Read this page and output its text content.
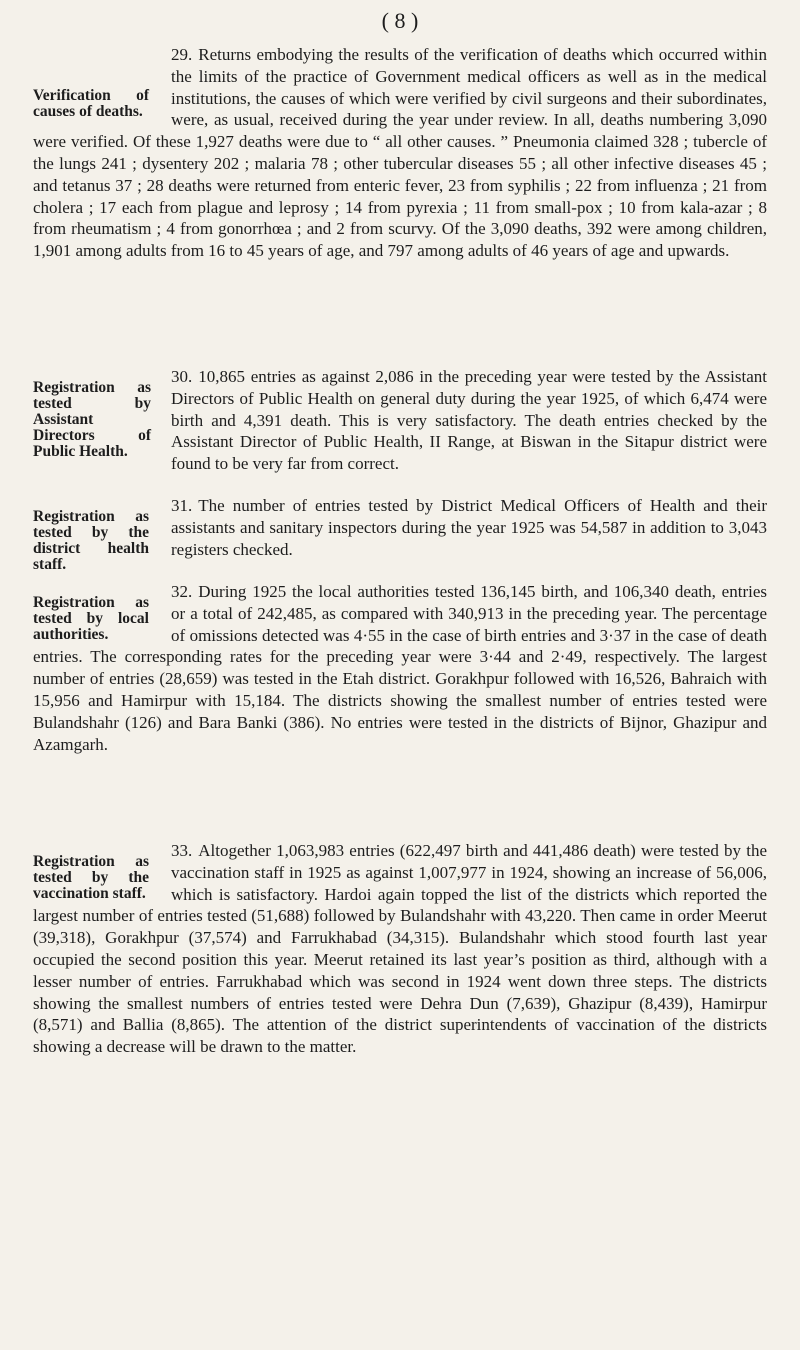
( 8 )
Verification of causes of deaths.
29. Returns embodying the results of the verification of deaths which occurred within the limits of the practice of Government medical officers as well as in the medical institutions, the causes of which were verified by civil surgeons and their subordinates, were, as usual, received during the year under review. In all, deaths numbering 3,090 were verified. Of these 1,927 deaths were due to “ all other causes. ” Pneumonia claimed 328 ; tubercle of the lungs 241 ; dysentery 202 ; malaria 78 ; other tubercular diseases 55 ; all other infective diseases 45 ; and tetanus 37 ; 28 deaths were returned from enteric fever, 23 from syphilis ; 22 from influenza ; 21 from cholera ; 17 each from plague and leprosy ; 14 from pyrexia ; 11 from small-pox ; 10 from kala-azar ; 8 from rheumatism ; 4 from gonorrhœa ; and 2 from scurvy. Of the 3,090 deaths, 392 were among children, 1,901 among adults from 16 to 45 years of age, and 797 among adults of 46 years of age and upwards.
Registration as tested by Assistant Directors of Public Health.
30. 10,865 entries as against 2,086 in the preceding year were tested by the Assistant Directors of Public Health on general duty during the year 1925, of which 6,474 were birth and 4,391 death. This is very satisfactory. The death entries checked by the Assistant Director of Public Health, II Range, at Biswan in the Sitapur district were found to be very far from correct.
Registration as tested by the district health staff.
31. The number of entries tested by District Medical Officers of Health and their assistants and sanitary inspectors during the year 1925 was 54,587 in addition to 3,043 registers checked.
Registration as tested by local authorities.
32. During 1925 the local authorities tested 136,145 birth, and 106,340 death, entries or a total of 242,485, as compared with 340,913 in the preceding year. The percentage of omissions detected was 4·55 in the case of birth entries and 3·37 in the case of death entries. The corresponding rates for the preceding year were 3·44 and 2·49, respectively. The largest number of entries (28,659) was tested in the Etah district. Gorakhpur followed with 16,526, Bahraich with 15,956 and Hamirpur with 15,184. The districts showing the smallest number of entries tested were Bulandshahr (126) and Bara Banki (386). No entries were tested in the districts of Bijnor, Ghazipur and Azamgarh.
Registration as tested by the vaccination staff.
33. Altogether 1,063,983 entries (622,497 birth and 441,486 death) were tested by the vaccination staff in 1925 as against 1,007,977 in 1924, showing an increase of 56,006, which is satisfactory. Hardoi again topped the list of the districts which reported the largest number of entries tested (51,688) followed by Bulandshahr with 43,220. Then came in order Meerut (39,318), Gorakhpur (37,574) and Farrukhabad (34,315). Bulandshahr which stood fourth last year occupied the second position this year. Meerut retained its last year’s position as third, although with a lesser number of entries. Farrukhabad which was second in 1924 went down three steps. The districts showing the smallest numbers of entries tested were Dehra Dun (7,639), Ghazipur (8,439), Hamirpur (8,571) and Ballia (8,865). The attention of the district superintendents of vaccination of the districts showing a decrease will be drawn to the matter.
